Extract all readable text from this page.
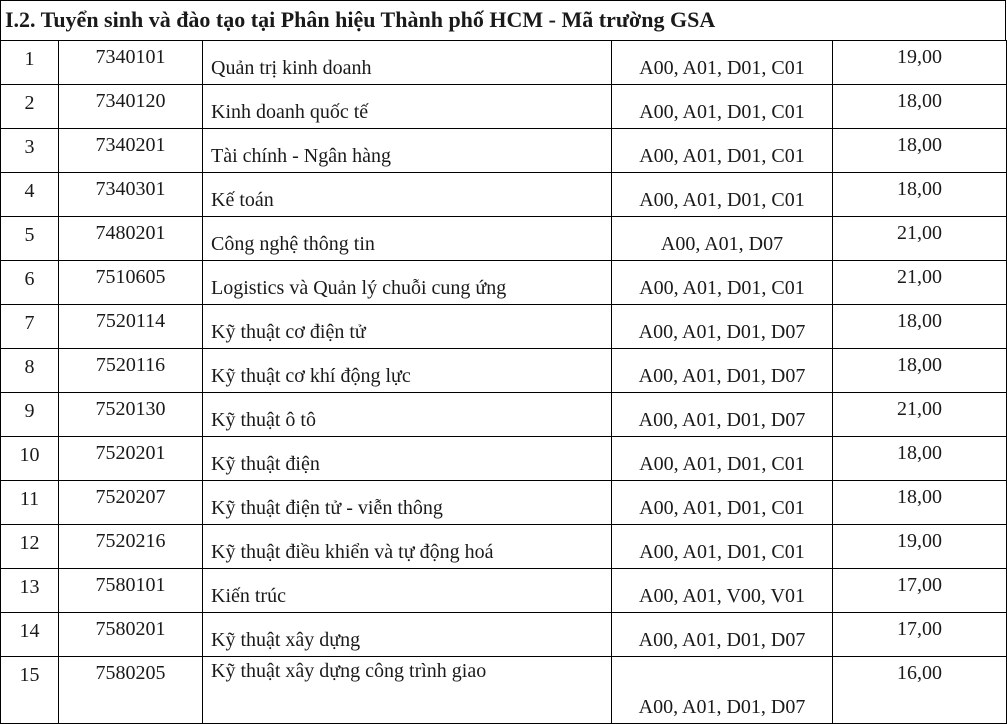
I.2. Tuyển sinh và đào tạo tại Phân hiệu Thành phố HCM - Mã trường GSA
1	7340101	Quản trị kinh doanh	A00, A01, D01, C01	19,00
2	7340120	Kinh doanh quốc tế	A00, A01, D01, C01	18,00
3	7340201	Tài chính - Ngân hàng	A00, A01, D01, C01	18,00
4	7340301	Kế toán	A00, A01, D01, C01	18,00
5	7480201	Công nghệ thông tin	A00, A01, D07	21,00
6	7510605	Logistics và Quản lý chuỗi cung ứng	A00, A01, D01, C01	21,00
7	7520114	Kỹ thuật cơ điện tử	A00, A01, D01, D07	18,00
8	7520116	Kỹ thuật cơ khí động lực	A00, A01, D01, D07	18,00
9	7520130	Kỹ thuật ô tô	A00, A01, D01, D07	21,00
10	7520201	Kỹ thuật điện	A00, A01, D01, C01	18,00
11	7520207	Kỹ thuật điện tử - viễn thông	A00, A01, D01, C01	18,00
12	7520216	Kỹ thuật điều khiển và tự động hoá	A00, A01, D01, C01	19,00
13	7580101	Kiến trúc	A00, A01, V00, V01	17,00
14	7580201	Kỹ thuật xây dựng	A00, A01, D01, D07	17,00
15	7580205	Kỹ thuật xây dựng công trình giao	A00, A01, D01, D07	16,00
